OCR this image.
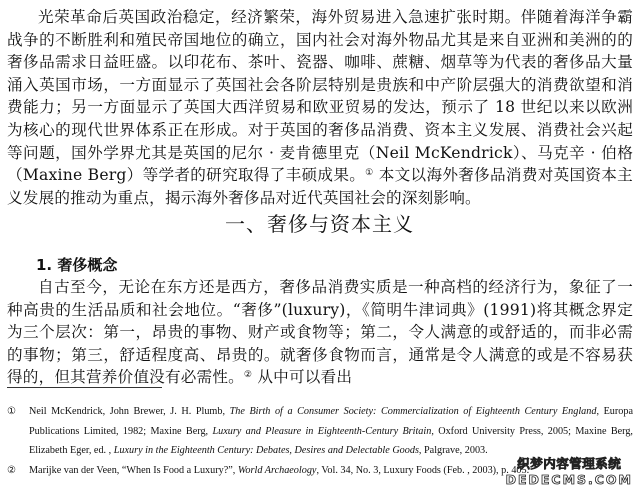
光荣革命后英国政治稳定，经济繁荣，海外贸易进入急速扩张时期。伴随着海洋争霸战争的不断胜利和殖民帝国地位的确立，国内社会对海外物品尤其是来自亚洲和美洲的的奢侈品需求日益旺盛。以印花布、茶叶、瓷器、咖啡、蔗糖、烟草等为代表的奢侈品大量涌入英国市场，一方面显示了英国社会各阶层特别是贵族和中产阶层强大的消费欲望和消费能力；另一方面显示了英国大西洋贸易和欧亚贸易的发达，预示了 18 世纪以来以欧洲为核心的现代世界体系正在形成。对于英国的奢侈品消费、资本主义发展、消费社会兴起等问题，国外学界尤其是英国的尼尔 · 麦肯德里克（Neil McKendrick）、马克辛 · 伯格（Maxine Berg）等学者的研究取得了丰硕成果。① 本文以海外奢侈品消费对英国资本主义发展的推动为重点，揭示海外奢侈品对近代英国社会的深刻影响。
一、奢侈与资本主义
1. 奢侈概念
自古至今，无论在东方还是西方，奢侈品消费实质是一种高档的经济行为，象征了一种高贵的生活品质和社会地位。“奢侈”(luxury)，《简明牛津词典》(1991)将其概念界定为三个层次：第一，昂贵的事物、财产或食物等；第二，令人满意的或舒适的，而非必需的事物；第三，舒适程度高、昂贵的。就奢侈食物而言，通常是令人满意的或是不容易获得的，但其营养价值没有必需性。② 从中可以看出
① Neil McKendrick, John Brewer, J. H. Plumb, The Birth of a Consumer Society: Commercialization of Eighteenth Century England, Europa Publications Limited, 1982; Maxine Berg, Luxury and Pleasure in Eighteenth-Century Britain, Oxford University Press, 2005; Maxine Berg, Elizabeth Eger, ed. , Luxury in the Eighteenth Century: Debates, Desires and Delectable Goods, Palgrave, 2003.
② Marijke van der Veen, “When Is Food a Luxury?”, World Archaeology, Vol. 34, No. 3, Luxury Foods (Feb. , 2003), p. 405.
织梦内容管理系统
DEDECMS.COM
